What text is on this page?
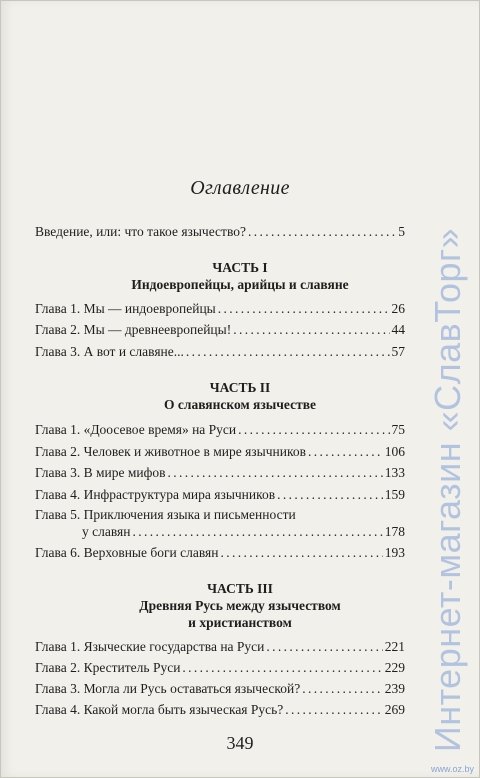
Оглавление
Введение, или: что такое язычество? . . .	5
ЧАСТЬ I
Индоевропейцы, арийцы и славяне
Глава 1. Мы — индоевропейцы . . .	26
Глава 2. Мы — древнеевропейцы! . . .	44
Глава 3. А вот и славяне... . . .	57
ЧАСТЬ II
О славянском язычестве
Глава 1. «Доосевое время» на Руси . . .	75
Глава 2. Человек и животное в мире язычников . . .	106
Глава 3. В мире мифов . . .	133
Глава 4. Инфраструктура мира язычников . . .	159
Глава 5. Приключения языка и письменности
у славян . . .	178
Глава 6. Верховные боги славян . . .	193
ЧАСТЬ III
Древняя Русь между язычеством
и христианством
Глава 1. Языческие государства на Руси . . .	221
Глава 2. Креститель Руси . . .	229
Глава 3. Могла ли Русь оставаться языческой? . . .	239
Глава 4. Какой могла быть языческая Русь? . . .	269
349	Интернет-магазин «СлавТорг»
www.oz.by
